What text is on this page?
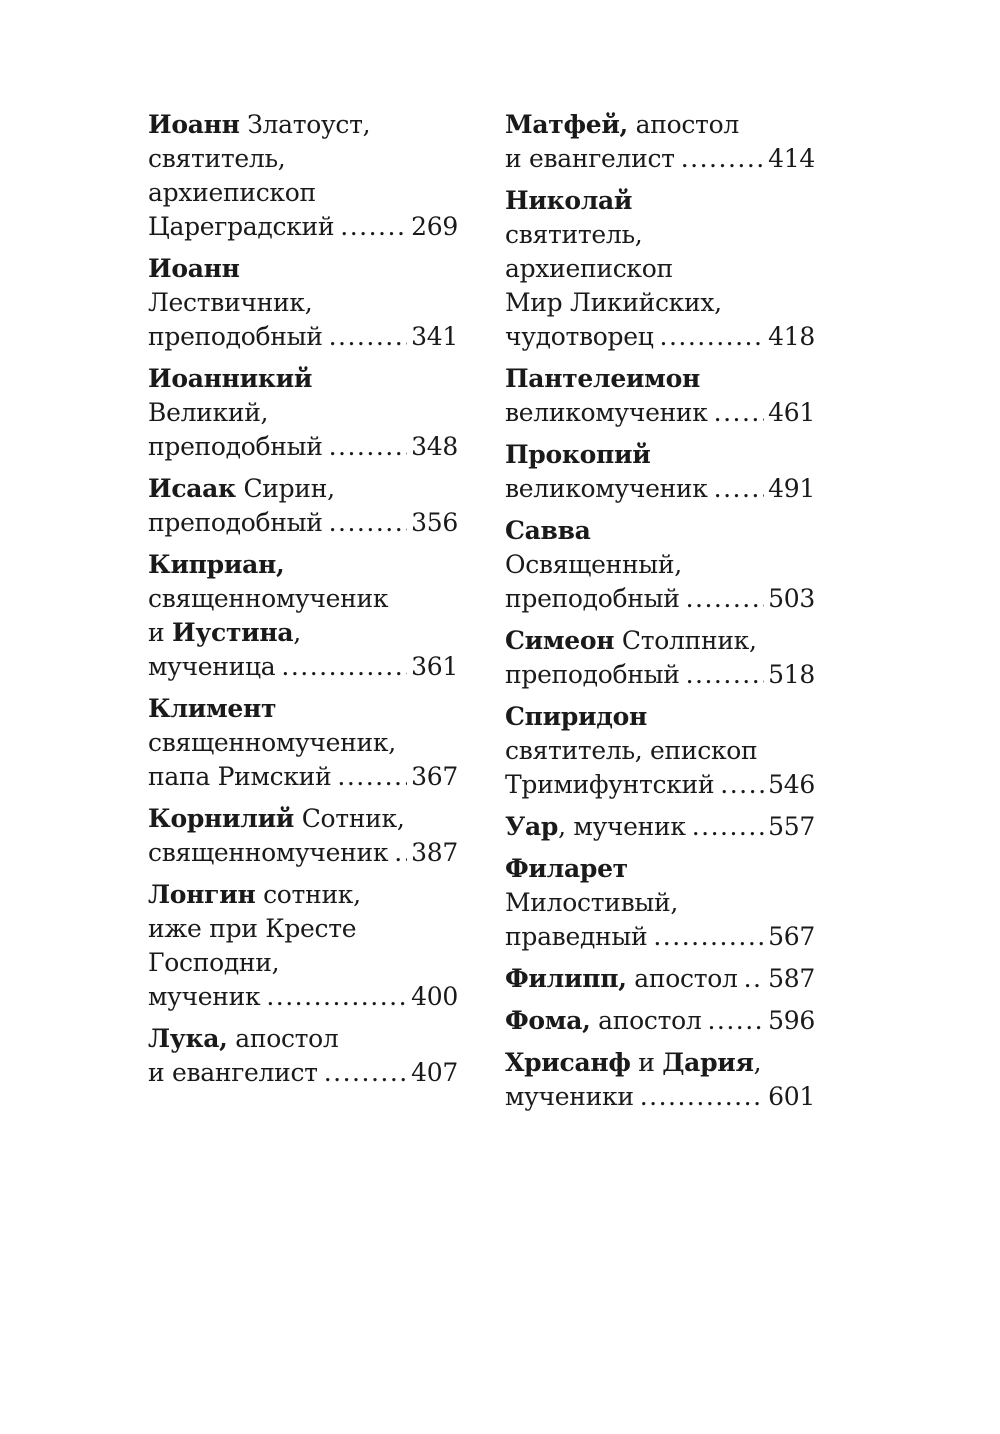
Иоанн Златоуст,
святитель,
архиепископ
Цареградский .....	269
Иоанн
Лествичник,
преподобный .....	341
Иоанникий
Великий,
преподобный .....	348
Исаак Сирин,
преподобный .....	356
Киприан,
священномученик
и Иустина,
мученица .....	361
Климент
священномученик,
папа Римский .....	367
Корнилий Сотник,
священномученик ..... 387
Лонгин сотник,
иже при Кресте
Господни,
мученик .....	400
Лука, апостол
и евангелист .....	407
Матфей, апостол
и евангелист .....	414
Николай
святитель,
архиепископ
Мир Ликийских,
чудотворец .....	418
Пантелеимон
великомученик ..... 461
Прокопий
великомученик ..... 491
Савва
Освященный,
преподобный .....	503
Симеон Столпник,
преподобный .....	518
Спиридон
святитель, епископ
Тримифунтский ..... 546
Уар, мученик .....	557
Филарет
Милостивый,
праведный .....	567
Филипп, апостол ..... 587
Фома, апостол .....	596
Хрисанф и Дария,
мученики .....	601
